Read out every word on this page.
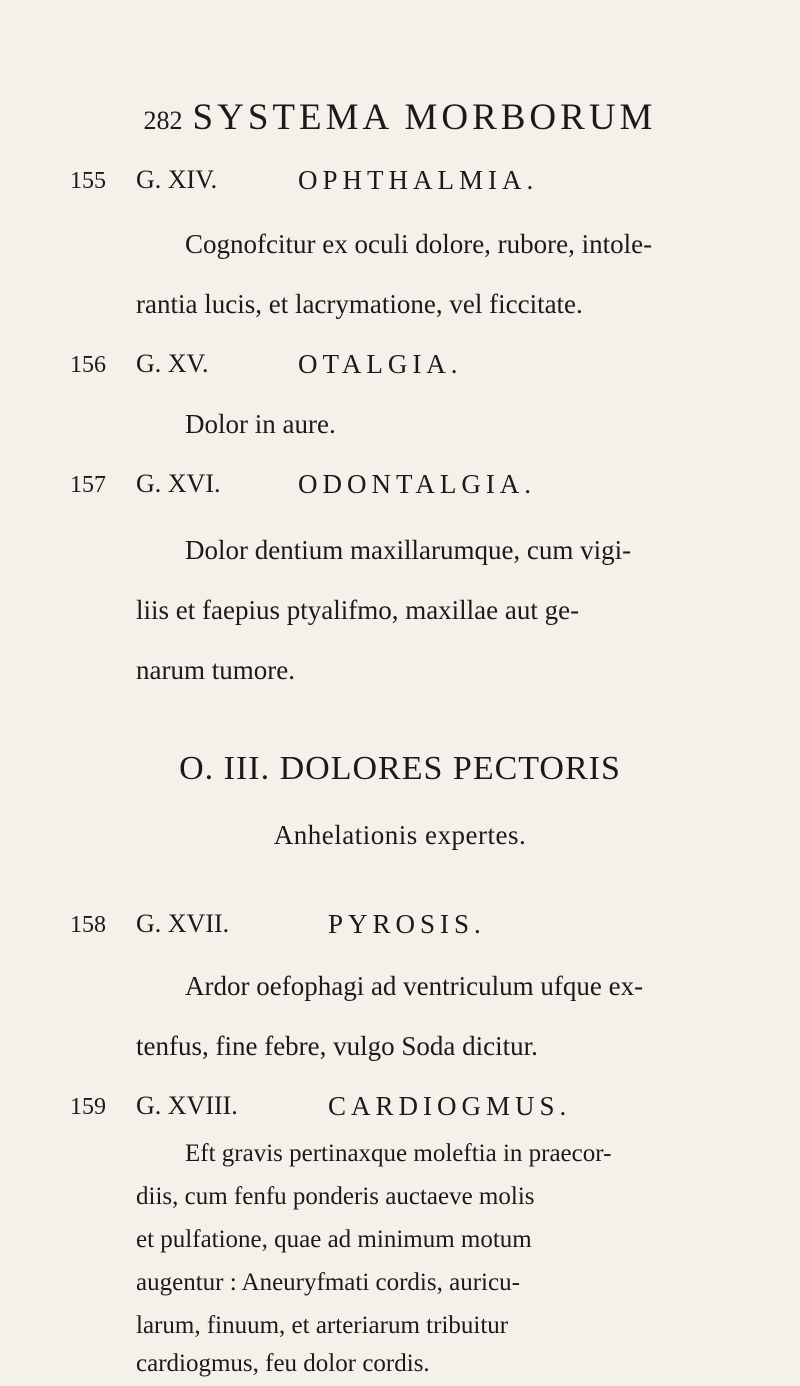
282 SYSTEMA MORBORUM
155 G. XIV.	OPHTHALMIA.
Cognofcitur ex oculi dolore, rubore, intole-
rantia lucis, et lacrymatione, vel ficcitate.
156 G. XV.	OTALGIA.
Dolor in aure.
157 G. XVI.	ODONTALGIA.
Dolor dentium maxillarumque, cum vigi-
liis et faepius ptyalifmo, maxillae aut ge-
narum tumore.
O. III. DOLORES PECTORIS
Anhelationis expertes.
158 G. XVII.	PYROSIS.
Ardor oefophagi ad ventriculum ufque ex-
tenfus, fine febre, vulgo Soda dicitur.
159 G. XVIII.	CARDIOGMUS.
Eft gravis pertinaxque moleftia in praecor-
diis, cum fenfu ponderis auctaeve molis
et pulfatione, quae ad minimum motum
augentur : Aneuryfmati cordis, auricu-
larum, finuum, et arteriarum tribuitur
cardiogmus, feu dolor cordis.
